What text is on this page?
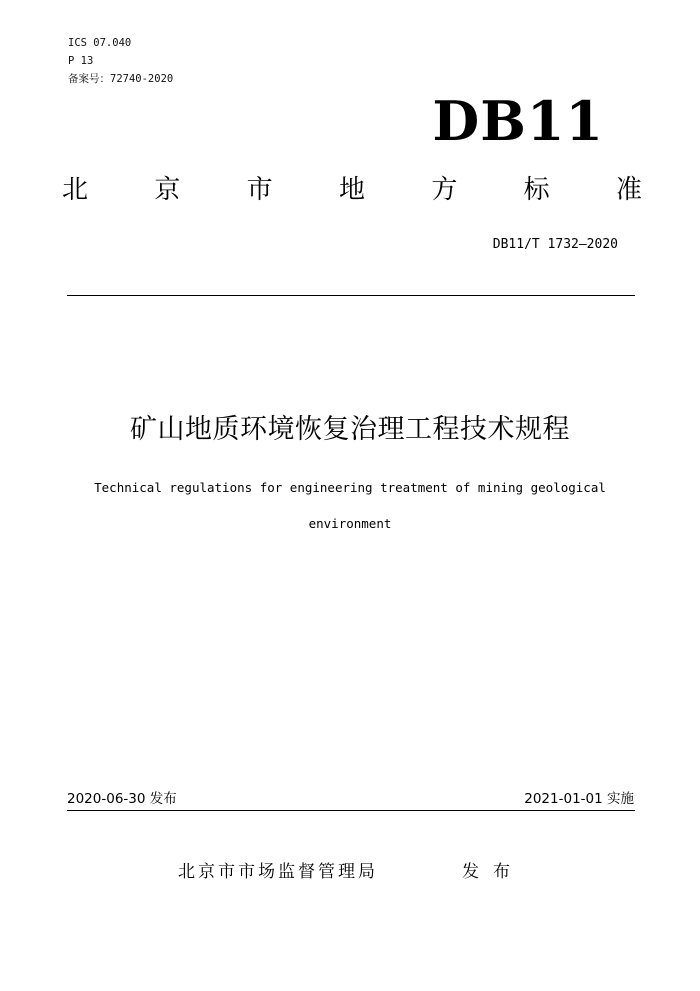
ICS 07.040
P 13
备案号：72740-2020
DB11
北	京	市	地	方	标	准
DB11/T 1732—2020
矿山地质环境恢复治理工程技术规程
Technical regulations for engineering treatment of mining geological
environment
2020-06-30 发布	2021-01-01 实施
北京市市场监督管理局	发布
